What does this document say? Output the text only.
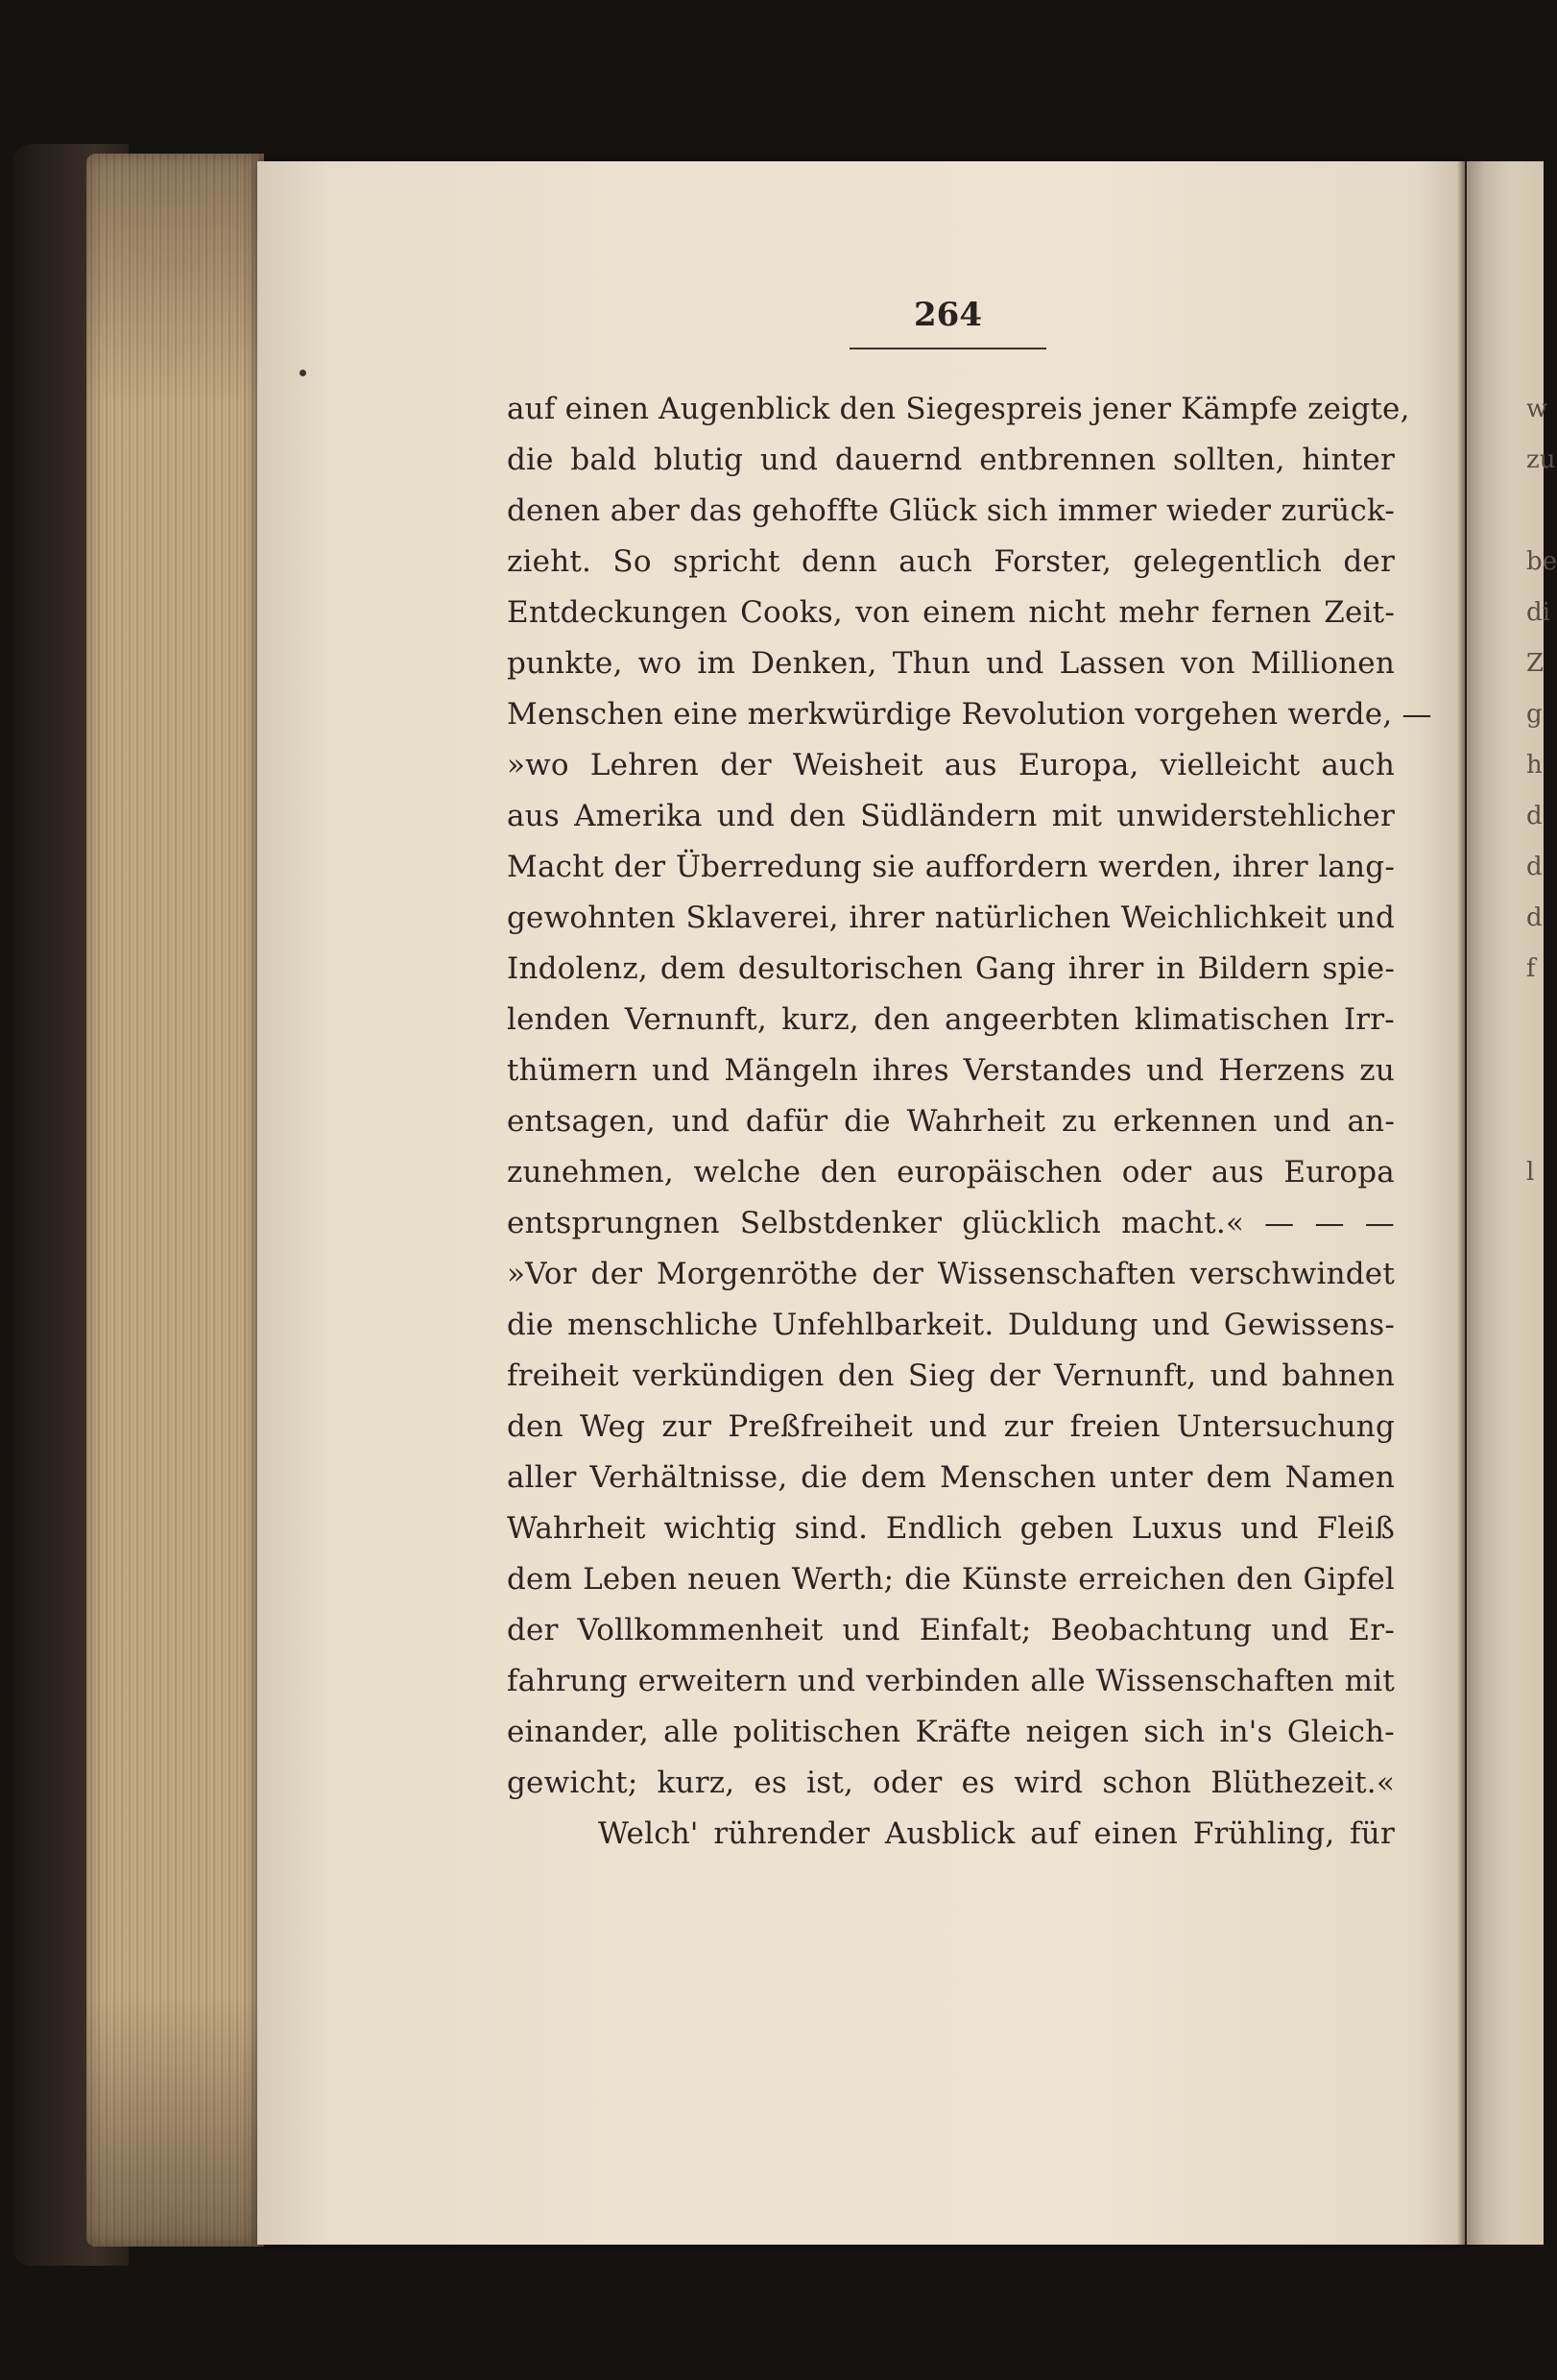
264
auf einen Augenblick den Siegespreis jener Kämpfe zeigte,
die bald blutig und dauernd entbrennen sollten, hinter
denen aber das gehoffte Glück sich immer wieder zurück-
zieht. So spricht denn auch Forster, gelegentlich der
Entdeckungen Cooks, von einem nicht mehr fernen Zeit-
punkte, wo im Denken, Thun und Lassen von Millionen
Menschen eine merkwürdige Revolution vorgehen werde, —
»wo Lehren der Weisheit aus Europa, vielleicht auch
aus Amerika und den Südländern mit unwiderstehlicher
Macht der Überredung sie auffordern werden, ihrer lang-
gewohnten Sklaverei, ihrer natürlichen Weichlichkeit und
Indolenz, dem desultorischen Gang ihrer in Bildern spie-
lenden Vernunft, kurz, den angeerbten klimatischen Irr-
thümern und Mängeln ihres Verstandes und Herzens zu
entsagen, und dafür die Wahrheit zu erkennen und an-
zunehmen, welche den europäischen oder aus Europa
entsprungnen Selbstdenker glücklich macht.« — — —
»Vor der Morgenröthe der Wissenschaften verschwindet
die menschliche Unfehlbarkeit. Duldung und Gewissens-
freiheit verkündigen den Sieg der Vernunft, und bahnen
den Weg zur Preßfreiheit und zur freien Untersuchung
aller Verhältnisse, die dem Menschen unter dem Namen
Wahrheit wichtig sind. Endlich geben Luxus und Fleiß
dem Leben neuen Werth; die Künste erreichen den Gipfel
der Vollkommenheit und Einfalt; Beobachtung und Er-
fahrung erweitern und verbinden alle Wissenschaften mit
einander, alle politischen Kräfte neigen sich in's Gleich-
gewicht; kurz, es ist, oder es wird schon Blüthezeit.«
Welch' rührender Ausblick auf einen Frühling, für
w
zu
be
di
Z
g
h
d
d
d
f
l
